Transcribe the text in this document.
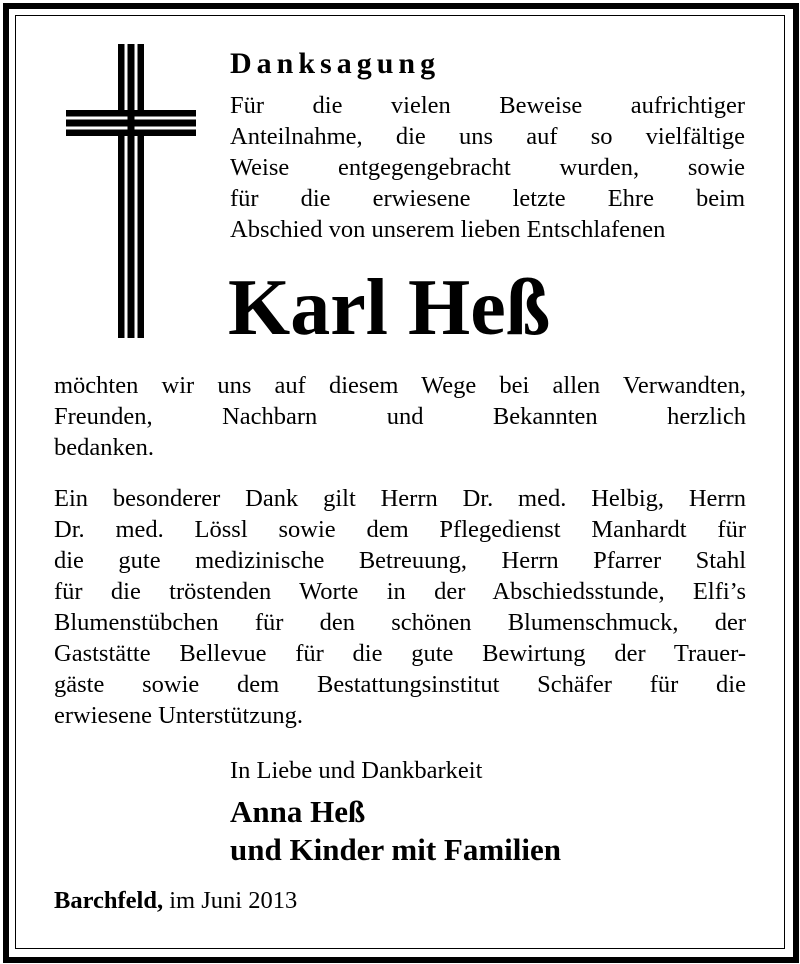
Danksagung
Für die vielen Beweise aufrichtiger
Anteilnahme, die uns auf so vielfältige
Weise entgegengebracht wurden, sowie
für die erwiesene letzte Ehre beim
Abschied von unserem lieben Entschlafenen
Karl Heß
möchten wir uns auf diesem Wege bei allen Verwandten,
Freunden, Nachbarn und Bekannten herzlich
bedanken.
Ein besonderer Dank gilt Herrn Dr. med. Helbig, Herrn
Dr. med. Lössl sowie dem Pflegedienst Manhardt für
die gute medizinische Betreuung, Herrn Pfarrer Stahl
für die tröstenden Worte in der Abschiedsstunde, Elfi’s
Blumenstübchen für den schönen Blumenschmuck, der
Gaststätte Bellevue für die gute Bewirtung der Trauer-
gäste sowie dem Bestattungsinstitut Schäfer für die
erwiesene Unterstützung.
In Liebe und Dankbarkeit
Anna Heß
und Kinder mit Familien
Barchfeld, im Juni 2013
